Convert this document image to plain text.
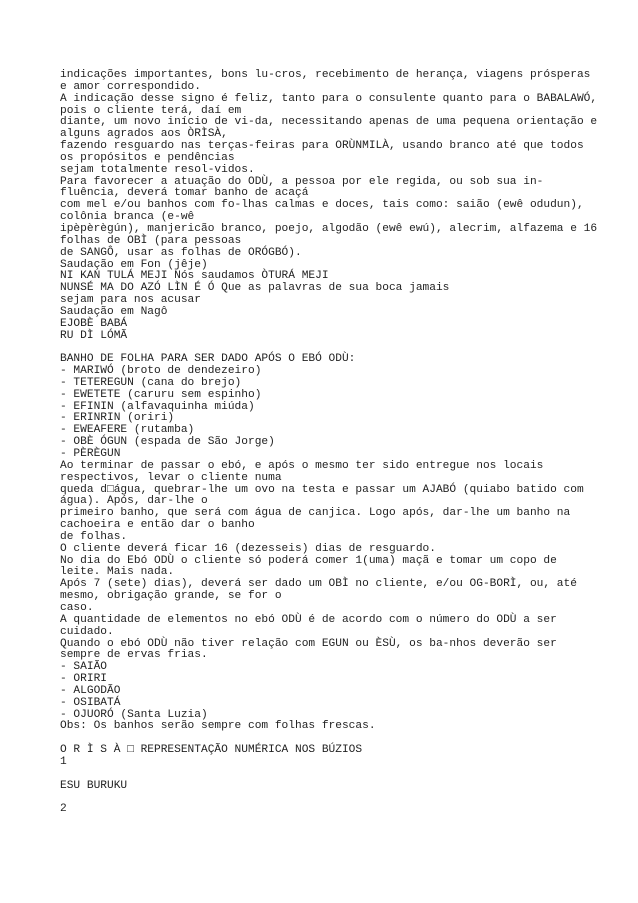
indicações importantes, bons lu-cros, recebimento de herança, viagens prósperas
e amor correspondido.
A indicação desse signo é feliz, tanto para o consulente quanto para o BABALAWÓ,
pois o cliente terá, daí em
diante, um novo início de vi-da, necessitando apenas de uma pequena orientação e
alguns agrados aos ÒRÌSÀ,
fazendo resguardo nas terças-feiras para ORÙNMILÀ, usando branco até que todos
os propósitos e pendências
sejam totalmente resol-vidos.
Para favorecer a atuação do ODÙ, a pessoa por ele regida, ou sob sua in-
fluência, deverá tomar banho de acaçá
com mel e/ou banhos com fo-lhas calmas e doces, tais como: saião (ewê odudun),
colônia branca (e-wê
ipèpèrègún), manjericão branco, poejo, algodão (ewê ewú), alecrim, alfazema e 16
folhas de OBÌ (para pessoas
de SANGÔ, usar as folhas de ORÓGBÓ).
Saudação em Fon (jêje)
NI KAN TULÁ MEJI Nós saudamos ÒTURÁ MEJI
NUNSÉ MA DO AZÓ LÌN É Ó Que as palavras de sua boca jamais
sejam para nos acusar
Saudação em Nagô
EJOBÈ BABÁ
RU DÌ LÓMÃ
BANHO DE FOLHA PARA SER DADO APÓS O EBÓ ODÙ:
- MARIWÓ (broto de dendezeiro)
- TETEREGUN (cana do brejo)
- EWETETE (caruru sem espinho)
- EFININ (alfavaquinha miúda)
- ERINRIN (oriri)
- EWEAFERE (rutamba)
- OBÈ ÓGUN (espada de São Jorge)
- PÈRÈGUN
Ao terminar de passar o ebó, e após o mesmo ter sido entregue nos locais
respectivos, levar o cliente numa
queda d□água, quebrar-lhe um ovo na testa e passar um AJABÓ (quiabo batido com
água). Após, dar-lhe o
primeiro banho, que será com água de canjica. Logo após, dar-lhe um banho na
cachoeira e então dar o banho
de folhas.
O cliente deverá ficar 16 (dezesseis) dias de resguardo.
No dia do Ebó ODÙ o cliente só poderá comer 1(uma) maçã e tomar um copo de
leite. Mais nada.
Após 7 (sete) dias), deverá ser dado um OBÌ no cliente, e/ou OG-BORÌ, ou, até
mesmo, obrigação grande, se for o
caso.
A quantidade de elementos no ebó ODÙ é de acordo com o número do ODÙ a ser
cuidado.
Quando o ebó ODÙ não tiver relação com EGUN ou ÈSÙ, os ba-nhos deverão ser
sempre de ervas frias.
- SAIÃO
- ORIRI
- ALGODÃO
- OSIBATÁ
- OJUORÓ (Santa Luzia)
Obs: Os banhos serão sempre com folhas frescas.
O R Ì S À □ REPRESENTAÇÃO NUMÉRICA NOS BÚZIOS
1
ESU BURUKU
2
